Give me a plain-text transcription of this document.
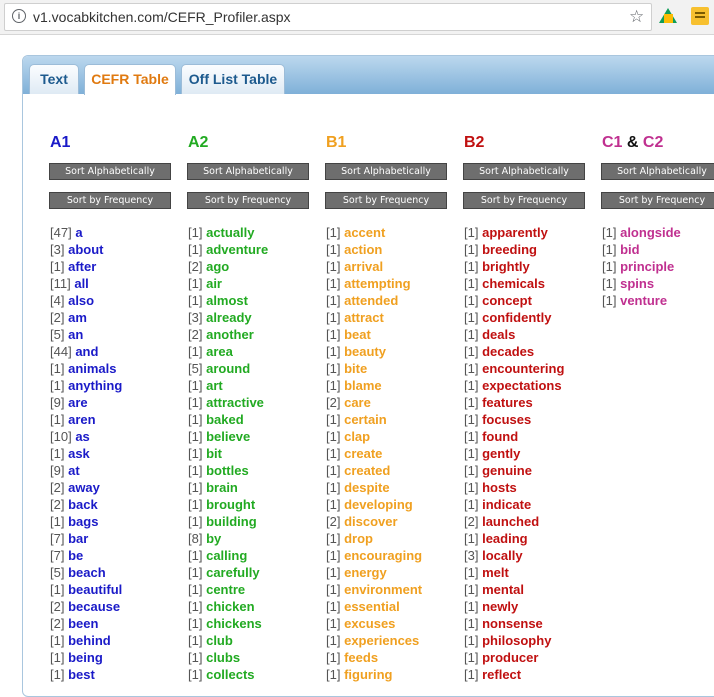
i v1.vocabkitchen.com/CEFR_Profiler.aspx	☆
Text	CEFR Table	Off List Table
A1
Sort Alphabetically
Sort by Frequency
[47] a
[3] about
[1] after
[11] all
[4] also
[2] am
[5] an
[44] and
[1] animals
[1] anything
[9] are
[1] aren
[10] as
[1] ask
[9] at
[2] away
[2] back
[1] bags
[7] bar
[7] be
[5] beach
[1] beautiful
[2] because
[2] been
[1] behind
[1] being
[1] best
A2
Sort Alphabetically
Sort by Frequency
[1] actually
[1] adventure
[2] ago
[1] air
[1] almost
[3] already
[2] another
[1] area
[5] around
[1] art
[1] attractive
[1] baked
[1] believe
[1] bit
[1] bottles
[1] brain
[1] brought
[1] building
[8] by
[1] calling
[1] carefully
[1] centre
[1] chicken
[1] chickens
[1] club
[1] clubs
[1] collects
B1
Sort Alphabetically
Sort by Frequency
[1] accent
[1] action
[1] arrival
[1] attempting
[1] attended
[1] attract
[1] beat
[1] beauty
[1] bite
[1] blame
[2] care
[1] certain
[1] clap
[1] create
[1] created
[1] despite
[1] developing
[2] discover
[1] drop
[1] encouraging
[1] energy
[1] environment
[1] essential
[1] excuses
[1] experiences
[1] feeds
[1] figuring
B2
Sort Alphabetically
Sort by Frequency
[1] apparently
[1] breeding
[1] brightly
[1] chemicals
[1] concept
[1] confidently
[1] deals
[1] decades
[1] encountering
[1] expectations
[1] features
[1] focuses
[1] found
[1] gently
[1] genuine
[1] hosts
[1] indicate
[2] launched
[1] leading
[3] locally
[1] melt
[1] mental
[1] newly
[1] nonsense
[1] philosophy
[1] producer
[1] reflect
C1 & C2
Sort Alphabetically
Sort by Frequency
[1] alongside
[1] bid
[1] principle
[1] spins
[1] venture
